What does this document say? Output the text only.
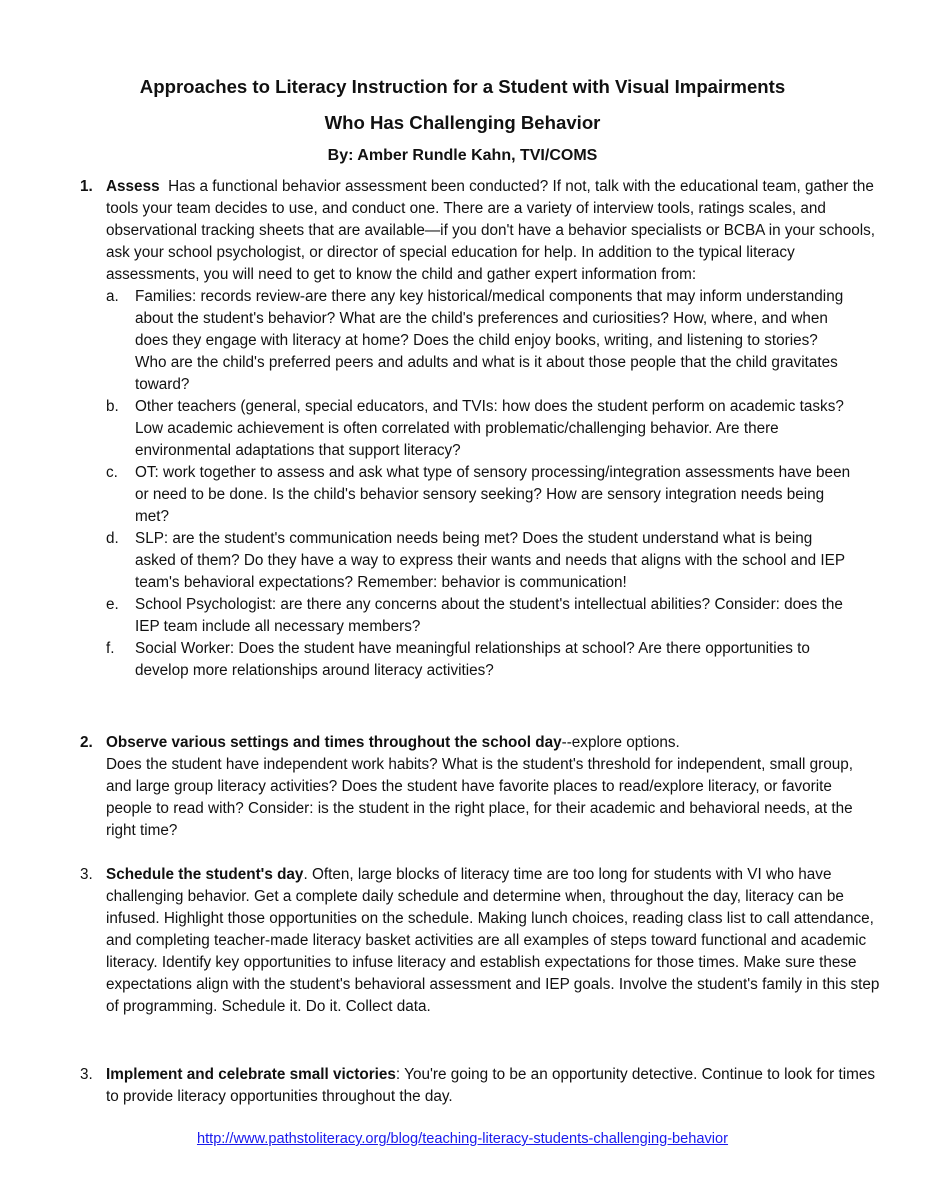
Approaches to Literacy Instruction for a Student with Visual Impairments
Who Has Challenging Behavior
By: Amber Rundle Kahn, TVI/COMS
1. Assess  Has a functional behavior assessment been conducted? If not, talk with the educational team, gather the tools your team decides to use, and conduct one. There are a variety of interview tools, ratings scales, and observational tracking sheets that are available—if you don't have a behavior specialists or BCBA in your schools, ask your school psychologist, or director of special education for help. In addition to the typical literacy assessments, you will need to get to know the child and gather expert information from:

a. Families: records review-are there any key historical/medical components that may inform understanding about the student's behavior? What are the child's preferences and curiosities? How, where, and when does they engage with literacy at home? Does the child enjoy books, writing, and listening to stories? Who are the child's preferred peers and adults and what is it about those people that the child gravitates toward?
b. Other teachers (general, special educators, and TVIs: how does the student perform on academic tasks? Low academic achievement is often correlated with problematic/challenging behavior. Are there environmental adaptations that support literacy?
c. OT: work together to assess and ask what type of sensory processing/integration assessments have been or need to be done. Is the child's behavior sensory seeking? How are sensory integration needs being met?
d. SLP: are the student's communication needs being met? Does the student understand what is being asked of them? Do they have a way to express their wants and needs that aligns with the school and IEP team's behavioral expectations? Remember: behavior is communication!
e. School Psychologist: are there any concerns about the student's intellectual abilities? Consider: does the IEP team include all necessary members?
f. Social Worker: Does the student have meaningful relationships at school? Are there opportunities to develop more relationships around literacy activities?
2. Observe various settings and times throughout the school day--explore options.

Does the student have independent work habits? What is the student's threshold for independent, small group, and large group literacy activities? Does the student have favorite places to read/explore literacy, or favorite people to read with? Consider: is the student in the right place, for their academic and behavioral needs, at the right time?

3. Schedule the student's day. Often, large blocks of literacy time are too long for students with VI who have challenging behavior. Get a complete daily schedule and determine when, throughout the day, literacy can be infused. Highlight those opportunities on the schedule. Making lunch choices, reading class list to call attendance, and completing teacher-made literacy basket activities are all examples of steps toward functional and academic literacy. Identify key opportunities to infuse literacy and establish expectations for those times. Make sure these expectations align with the student's behavioral assessment and IEP goals. Involve the student's family in this step of programming. Schedule it. Do it. Collect data.

3. Implement and celebrate small victories: You're going to be an opportunity detective. Continue to look for times to provide literacy opportunities throughout the day.

http://www.pathstoliteracy.org/blog/teaching-literacy-students-challenging-behavior
